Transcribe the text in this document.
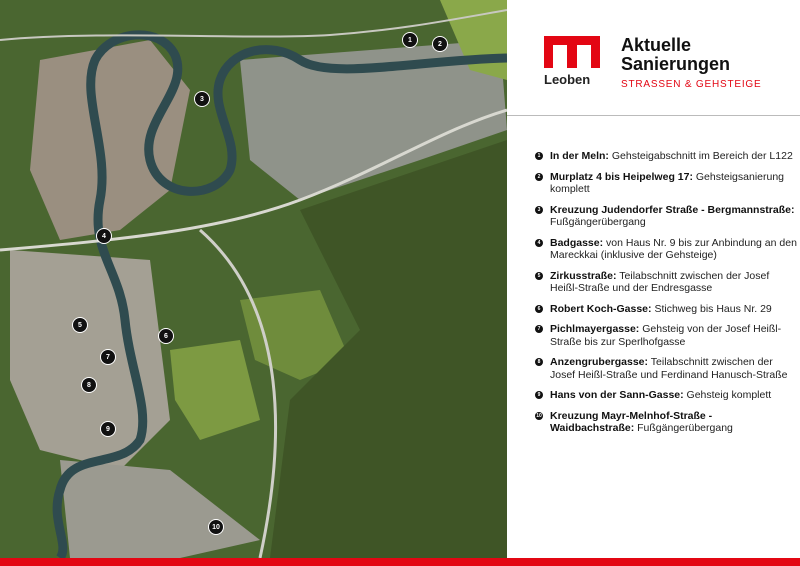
1
2
3
4
5
6
7
8
9
10
Leoben
Aktuelle
Sanierungen
STRASSEN & GEHSTEIGE
1 In der Meln: Gehsteigabschnitt im Bereich der L122
2 Murplatz 4 bis Heipelweg 17: Gehsteigsanierung komplett
3 Kreuzung Judendorfer Straße - Bergmannstraße: Fußgängerübergang
4 Badgasse: von Haus Nr. 9 bis zur Anbindung an den Mareckkai (inklusive der Gehsteige)
5 Zirkusstraße: Teilabschnitt zwischen der Josef Heißl-Straße und der Endresgasse
6 Robert Koch-Gasse: Stichweg bis Haus Nr. 29
7 Pichlmayergasse: Gehsteig von der Josef Heißl-Straße bis zur Sperlhofgasse
8 Anzengrubergasse: Teilabschnitt zwischen der Josef Heißl-Straße und Ferdinand Hanusch-Straße
9 Hans von der Sann-Gasse: Gehsteig komplett
10 Kreuzung Mayr-Melnhof-Straße - Waidbachstraße: Fußgängerübergang
